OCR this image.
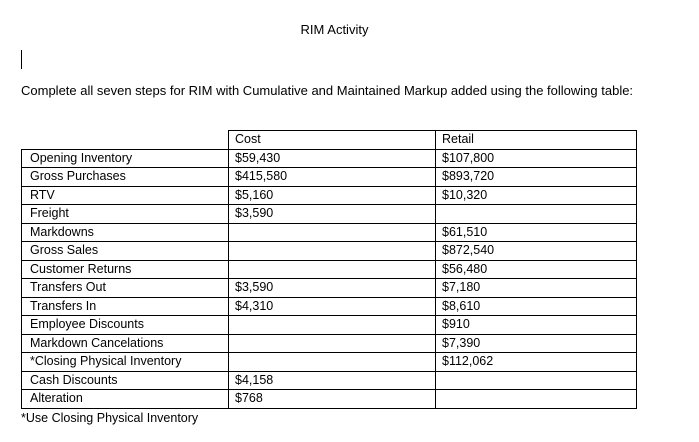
RIM Activity
Complete all seven steps for RIM with Cumulative and Maintained Markup added using the following table:
	Cost	Retail
Opening Inventory	$59,430	$107,800
Gross Purchases	$415,580	$893,720
RTV	$5,160	$10,320
Freight	$3,590	
Markdowns		$61,510
Gross Sales		$872,540
Customer Returns		$56,480
Transfers Out	$3,590	$7,180
Transfers In	$4,310	$8,610
Employee Discounts		$910
Markdown Cancelations		$7,390
*Closing Physical Inventory		$112,062
Cash Discounts	$4,158	
Alteration	$768	
*Use Closing Physical Inventory
